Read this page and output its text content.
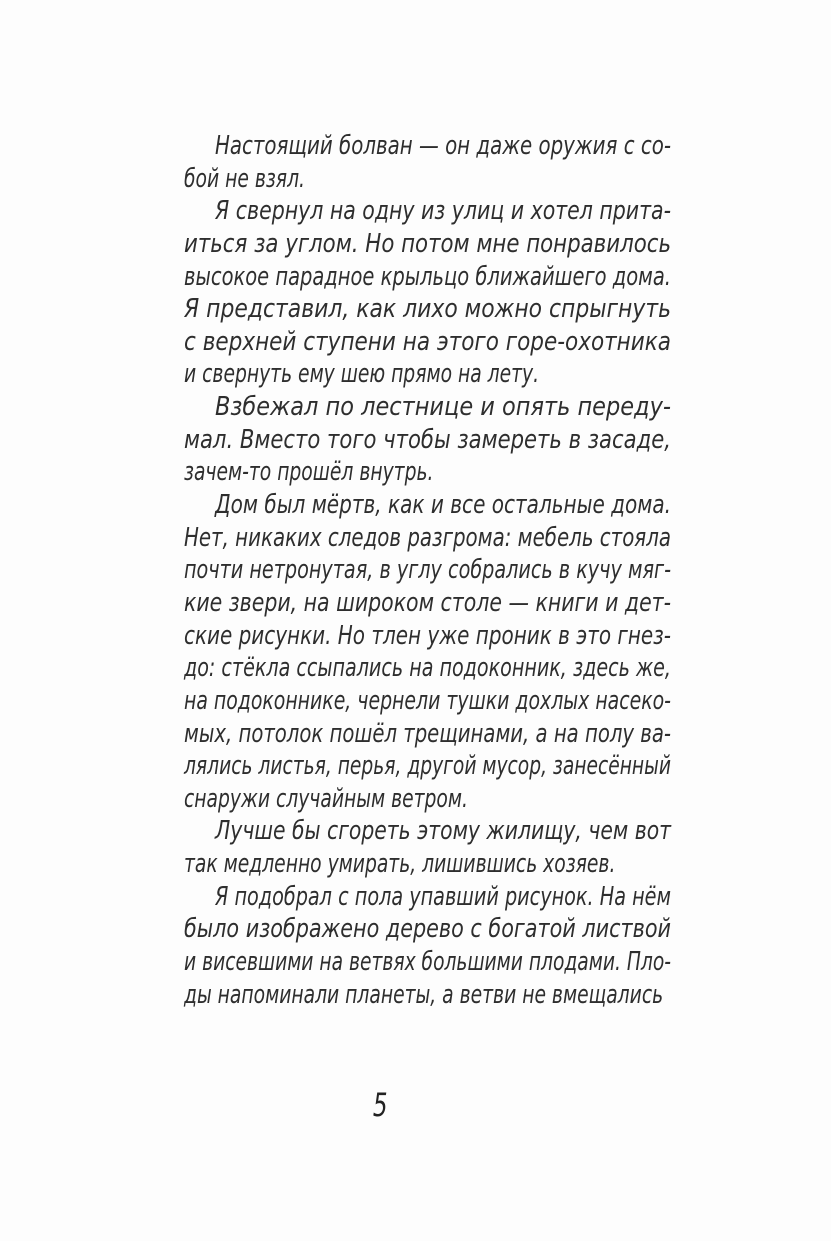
Настоящий болван — он даже оружия с со-
бой не взял.
Я свернул на одну из улиц и хотел прита-
иться за углом. Но потом мне понравилось
высокое парадное крыльцо ближайшего дома.
Я представил, как лихо можно спрыгнуть
с верхней ступени на этого горе-охотника
и свернуть ему шею прямо на лету.
Взбежал по лестнице и опять переду-
мал. Вместо того чтобы замереть в засаде,
зачем-то прошёл внутрь.
Дом был мёртв, как и все остальные дома.
Нет, никаких следов разгрома: мебель стояла
почти нетронутая, в углу собрались в кучу мяг-
кие звери, на широком столе — книги и дет-
ские рисунки. Но тлен уже проник в это гнез-
до: стёкла ссыпались на подоконник, здесь же,
на подоконнике, чернели тушки дохлых насеко-
мых, потолок пошёл трещинами, а на полу ва-
лялись листья, перья, другой мусор, занесённый
снаружи случайным ветром.
Лучше бы сгореть этому жилищу, чем вот
так медленно умирать, лишившись хозяев.
Я подобрал с пола упавший рисунок. На нём
было изображено дерево с богатой листвой
и висевшими на ветвях большими плодами. Пло-
ды напоминали планеты, а ветви не вмещались
5
